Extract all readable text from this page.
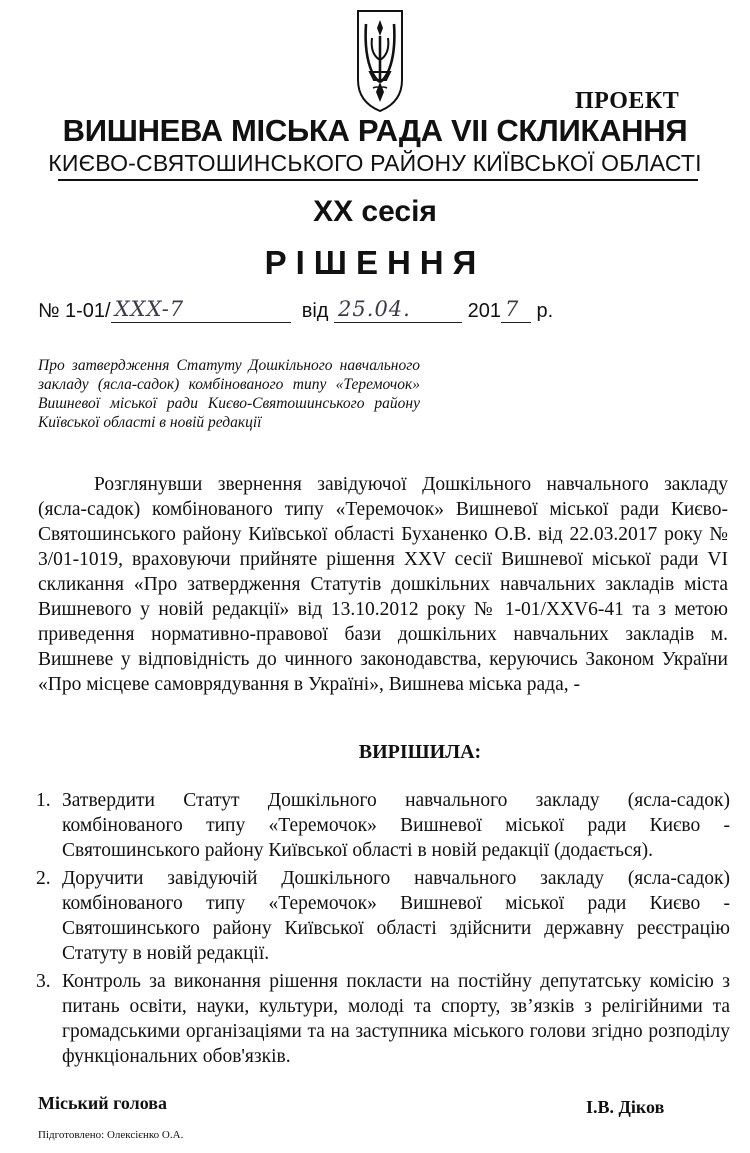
ПРОЕКТ
ВИШНЕВА МІСЬКА РАДА VII СКЛИКАННЯ
КИЄВО-СВЯТОШИНСЬКОГО РАЙОНУ КИЇВСЬКОЇ ОБЛАСТІ
XX сесія
РІШЕННЯ
№ 1-01/ XXX-7	від 25.04.	201 7 р.
Про затвердження Статуту Дошкільного навчального закладу (ясла-садок) комбінованого типу «Теремочок» Вишневої міської ради Києво-Святошинського району Київської області в новій редакції
Розглянувши звернення завідуючої Дошкільного навчального закладу (ясла-садок) комбінованого типу «Теремочок» Вишневої міської ради Києво-Святошинського району Київської області Буханенко О.В. від 22.03.2017 року № 3/01-1019, враховуючи прийняте рішення XXV сесії Вишневої міської ради VI скликання «Про затвердження Статутів дошкільних навчальних закладів міста Вишневого у новій редакції» від 13.10.2012 року № 1-01/XXV6-41 та з метою приведення нормативно-правової бази дошкільних навчальних закладів м. Вишневе у відповідність до чинного законодавства, керуючись Законом України «Про місцеве самоврядування в Україні», Вишнева міська рада, -
ВИРІШИЛА:
1. Затвердити Статут Дошкільного навчального закладу (ясла-садок) комбінованого типу «Теремочок» Вишневої міської ради Києво - Святошинського району Київської області в новій редакції (додається).
2. Доручити завідуючій Дошкільного навчального закладу (ясла-садок) комбінованого типу «Теремочок» Вишневої міської ради Києво - Святошинського району Київської області здійснити державну реєстрацію Статуту в новій редакції.
3. Контроль за виконання рішення покласти на постійну депутатську комісію з питань освіти, науки, культури, молоді та спорту, зв’язків з релігійними та громадськими організаціями та на заступника міського голови згідно розподілу функціональних обов'язків.
Міський голова	І.В. Діков
Підготовлено: Олексієнко О.А.
